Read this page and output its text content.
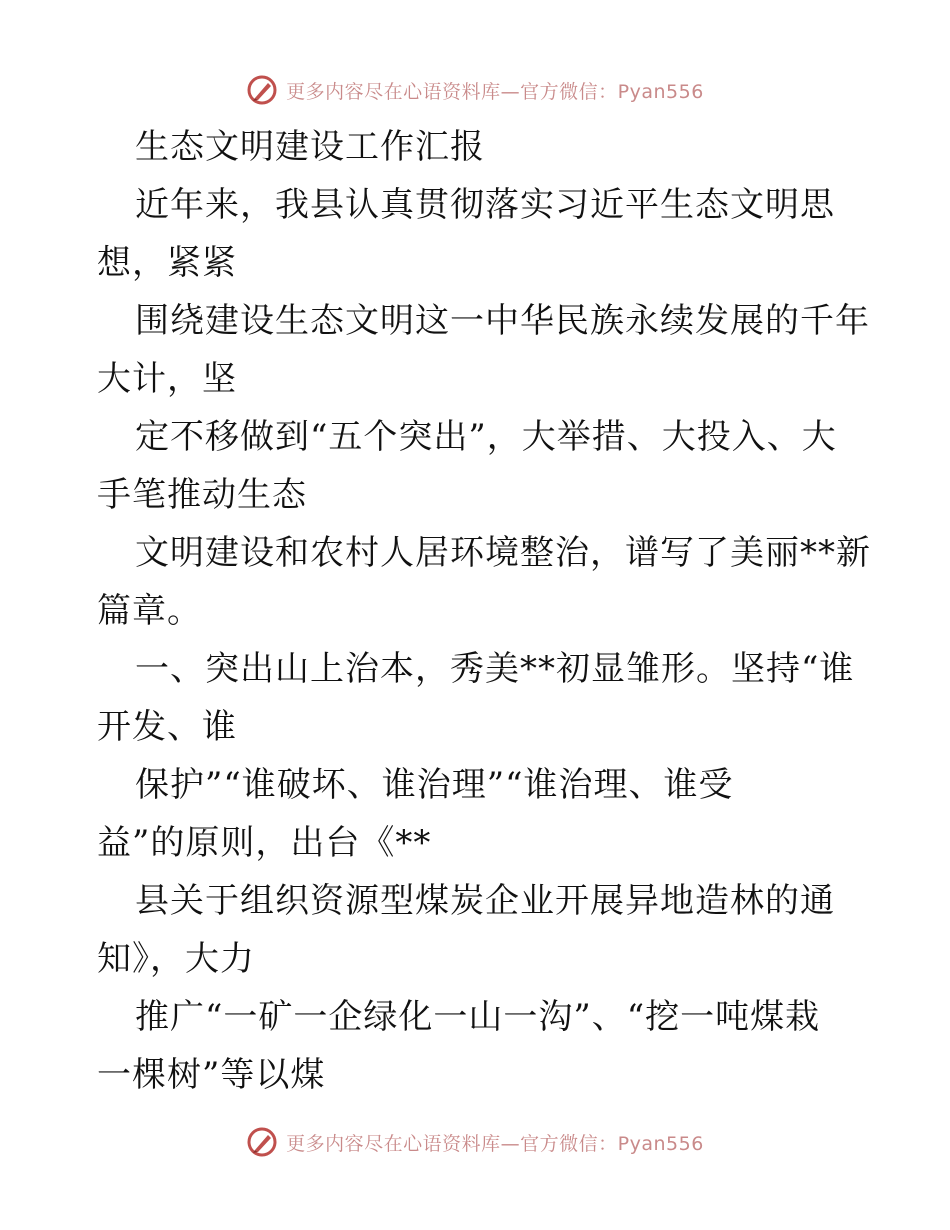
更多内容尽在心语资料库—官方微信：Pyan556
生态文明建设工作汇报
近年来，我县认真贯彻落实习近平生态文明思
想，紧紧
围绕建设生态文明这一中华民族永续发展的千年
大计，坚
定不移做到“五个突出”，大举措、大投入、大
手笔推动生态
文明建设和农村人居环境整治，谱写了美丽**新
篇章。
一、突出山上治本，秀美**初显雏形。坚持“谁
开发、谁
保护”“谁破坏、谁治理”“谁治理、谁受
益”的原则，出台《**
县关于组织资源型煤炭企业开展异地造林的通
知》，大力
推广“一矿一企绿化一山一沟”、“挖一吨煤栽
一棵树”等以煤
更多内容尽在心语资料库—官方微信：Pyan556
